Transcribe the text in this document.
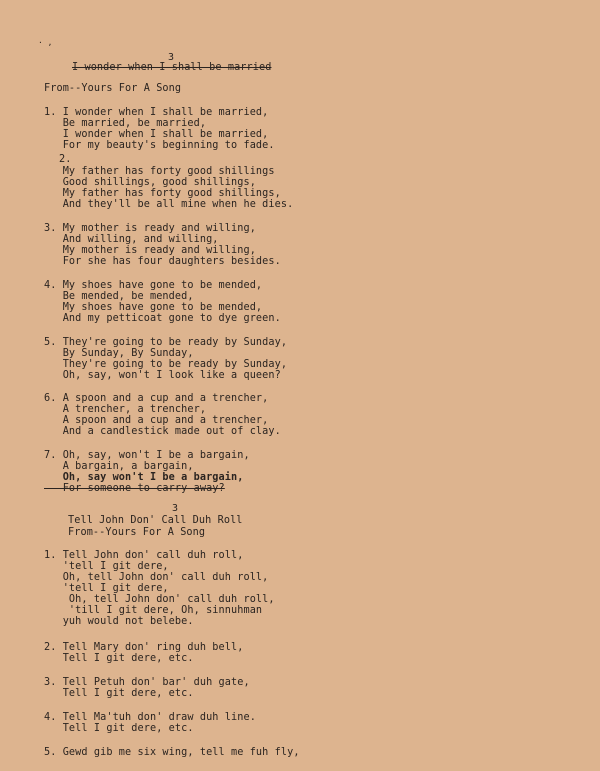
3
I wonder when I shall be married
From--Yours For A Song
1. I wonder when I shall be married,
Be married, be married,
I wonder when I shall be married,
For my beauty's beginning to fade.
2.
My father has forty good shillings
Good shillings, good shillings,
My father has forty good shillings,
And they'll be all mine when he dies.
3. My mother is ready and willing,
And willing, and willing,
My mother is ready and willing,
For she has four daughters besides.
4. My shoes have gone to be mended,
Be mended, be mended,
My shoes have gone to be mended,
And my petticoat gone to dye green.
5. They're going to be ready by Sunday,
By Sunday, By Sunday,
They're going to be ready by Sunday,
Oh, say, won't I look like a queen?
6. A spoon and a cup and a trencher,
A trencher, a trencher,
A spoon and a cup and a trencher,
And a candlestick made out of clay.
7. Oh, say, won't I be a bargain,
A bargain, a bargain,
Oh, say won't I be a bargain,
For someone to carry away?
3
Tell John Don' Call Duh Roll
From--Yours For A Song
1. Tell John don' call duh roll,
'tell I git dere,
Oh, tell John don' call duh roll,
'tell I git dere,
Oh, tell John don' call duh roll,
'till I git dere, Oh, sinnuhman
yuh would not belebe.
2. Tell Mary don' ring duh bell,
Tell I git dere, etc.
3. Tell Petuh don' bar' duh gate,
Tell I git dere, etc.
4. Tell Ma'tuh don' draw duh line.
Tell I git dere, etc.
5. Gewd gib me six wing, tell me fuh fly,
· ,
